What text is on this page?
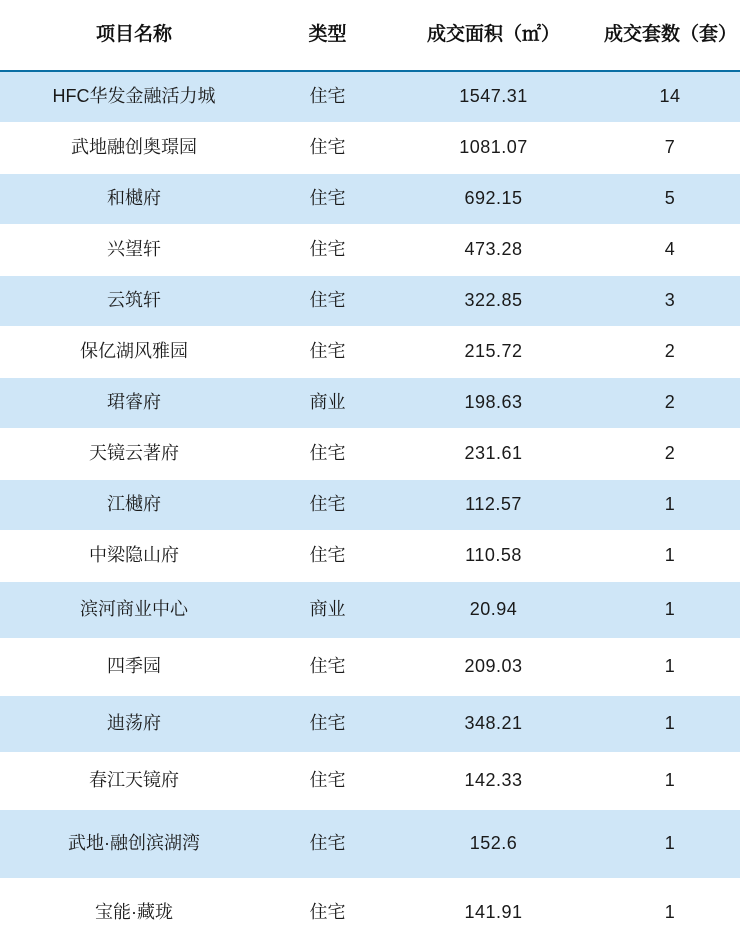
项目名称	类型	成交面积（㎡）	成交套数（套）
HFC华发金融活力城	住宅	1547.31	14
武地融创奥璟园	住宅	1081.07	7
和樾府	住宅	692.15	5
兴望轩	住宅	473.28	4
云筑轩	住宅	322.85	3
保亿湖风雅园	住宅	215.72	2
珺睿府	商业	198.63	2
天镜云著府	住宅	231.61	2
江樾府	住宅	112.57	1
中梁隐山府	住宅	110.58	1
滨河商业中心	商业	20.94	1
四季园	住宅	209.03	1
迪荡府	住宅	348.21	1
春江天镜府	住宅	142.33	1
武地·融创滨湖湾	住宅	152.6	1
宝能·藏珑	住宅	141.91	1
